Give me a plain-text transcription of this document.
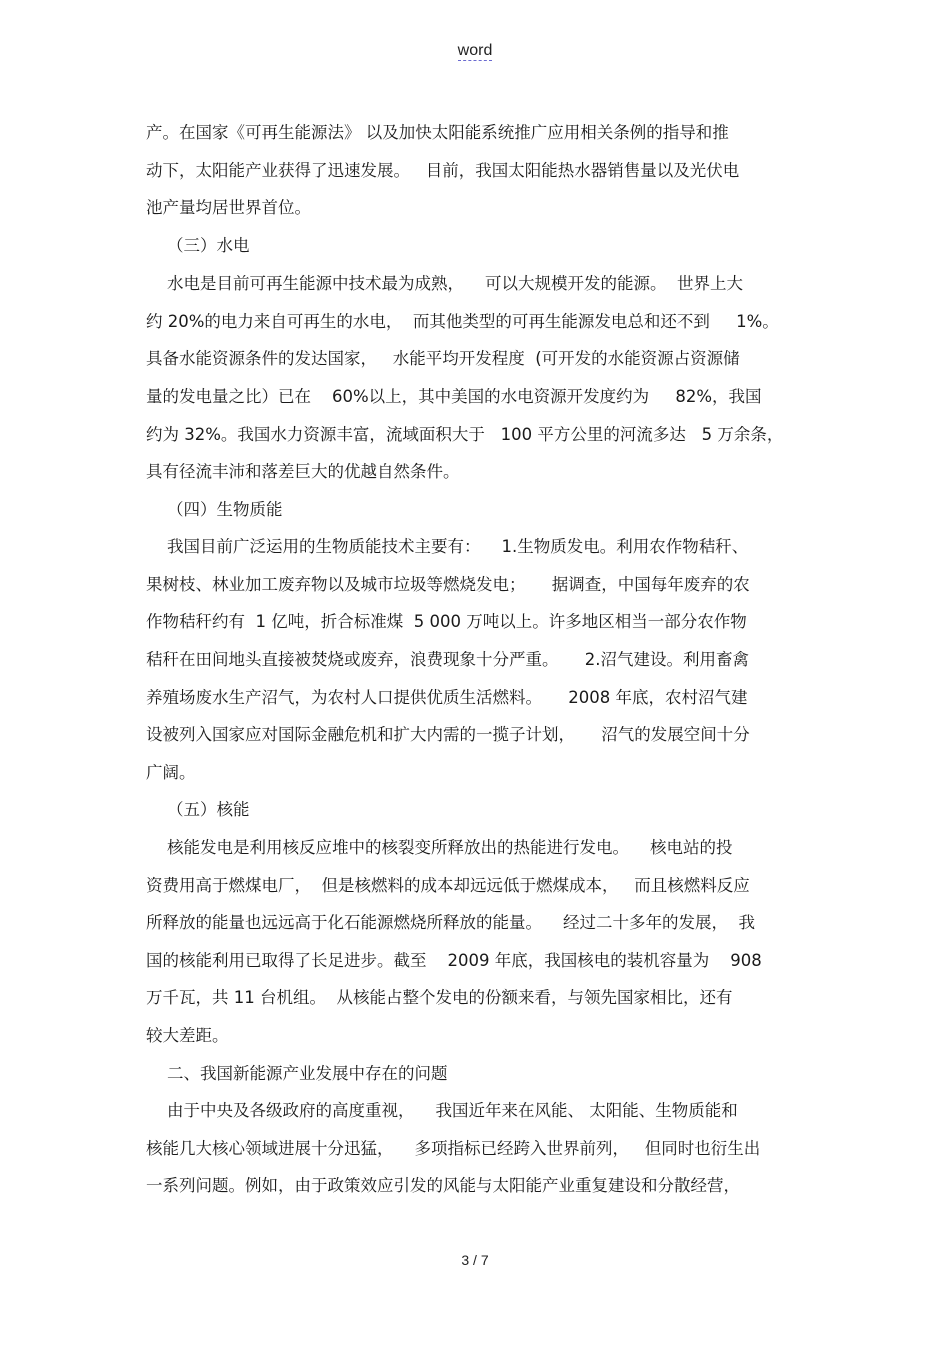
word
产。在国家《可再生能源法》 以及加快太阳能系统推广应用相关条例的指导和推
动下，太阳能产业获得了迅速发展。   目前，我国太阳能热水器销售量以及光伏电
池产量均居世界首位。
（三）水电
水电是目前可再生能源中技术最为成熟，    可以大规模开发的能源。  世界上大
约 20%的电力来自可再生的水电，  而其他类型的可再生能源发电总和还不到     1%。
具备水能资源条件的发达国家，   水能平均开发程度  (可开发的水能资源占资源储
量的发电量之比）已在    60%以上，其中美国的水电资源开发度约为     82%，我国
约为 32%。我国水力资源丰富，流域面积大于   100 平方公里的河流多达   5 万余条，
具有径流丰沛和落差巨大的优越自然条件。
（四）生物质能
我国目前广泛运用的生物质能技术主要有：    1.生物质发电。利用农作物秸秆、
果树枝、林业加工废弃物以及城市垃圾等燃烧发电；     据调查，中国每年废弃的农
作物秸秆约有  1 亿吨，折合标准煤  5 000 万吨以上。许多地区相当一部分农作物
秸秆在田间地头直接被焚烧或废弃，浪费现象十分严重。     2.沼气建设。利用畜禽
养殖场废水生产沼气，为农村人口提供优质生活燃料。     2008 年底，农村沼气建
设被列入国家应对国际金融危机和扩大内需的一揽子计划，     沼气的发展空间十分
广阔。
（五）核能
核能发电是利用核反应堆中的核裂变所释放出的热能进行发电。    核电站的投
资费用高于燃煤电厂，  但是核燃料的成本却远远低于燃煤成本，   而且核燃料反应
所释放的能量也远远高于化石能源燃烧所释放的能量。    经过二十多年的发展，  我
国的核能利用已取得了长足进步。截至    2009 年底，我国核电的装机容量为    908
万千瓦，共 11 台机组。  从核能占整个发电的份额来看，与领先国家相比，还有
较大差距。
二、我国新能源产业发展中存在的问题
由于中央及各级政府的高度重视，    我国近年来在风能、 太阳能、生物质能和
核能几大核心领域进展十分迅猛，    多项指标已经跨入世界前列，   但同时也衍生出
一系列问题。例如，由于政策效应引发的风能与太阳能产业重复建设和分散经营，
3 / 7
